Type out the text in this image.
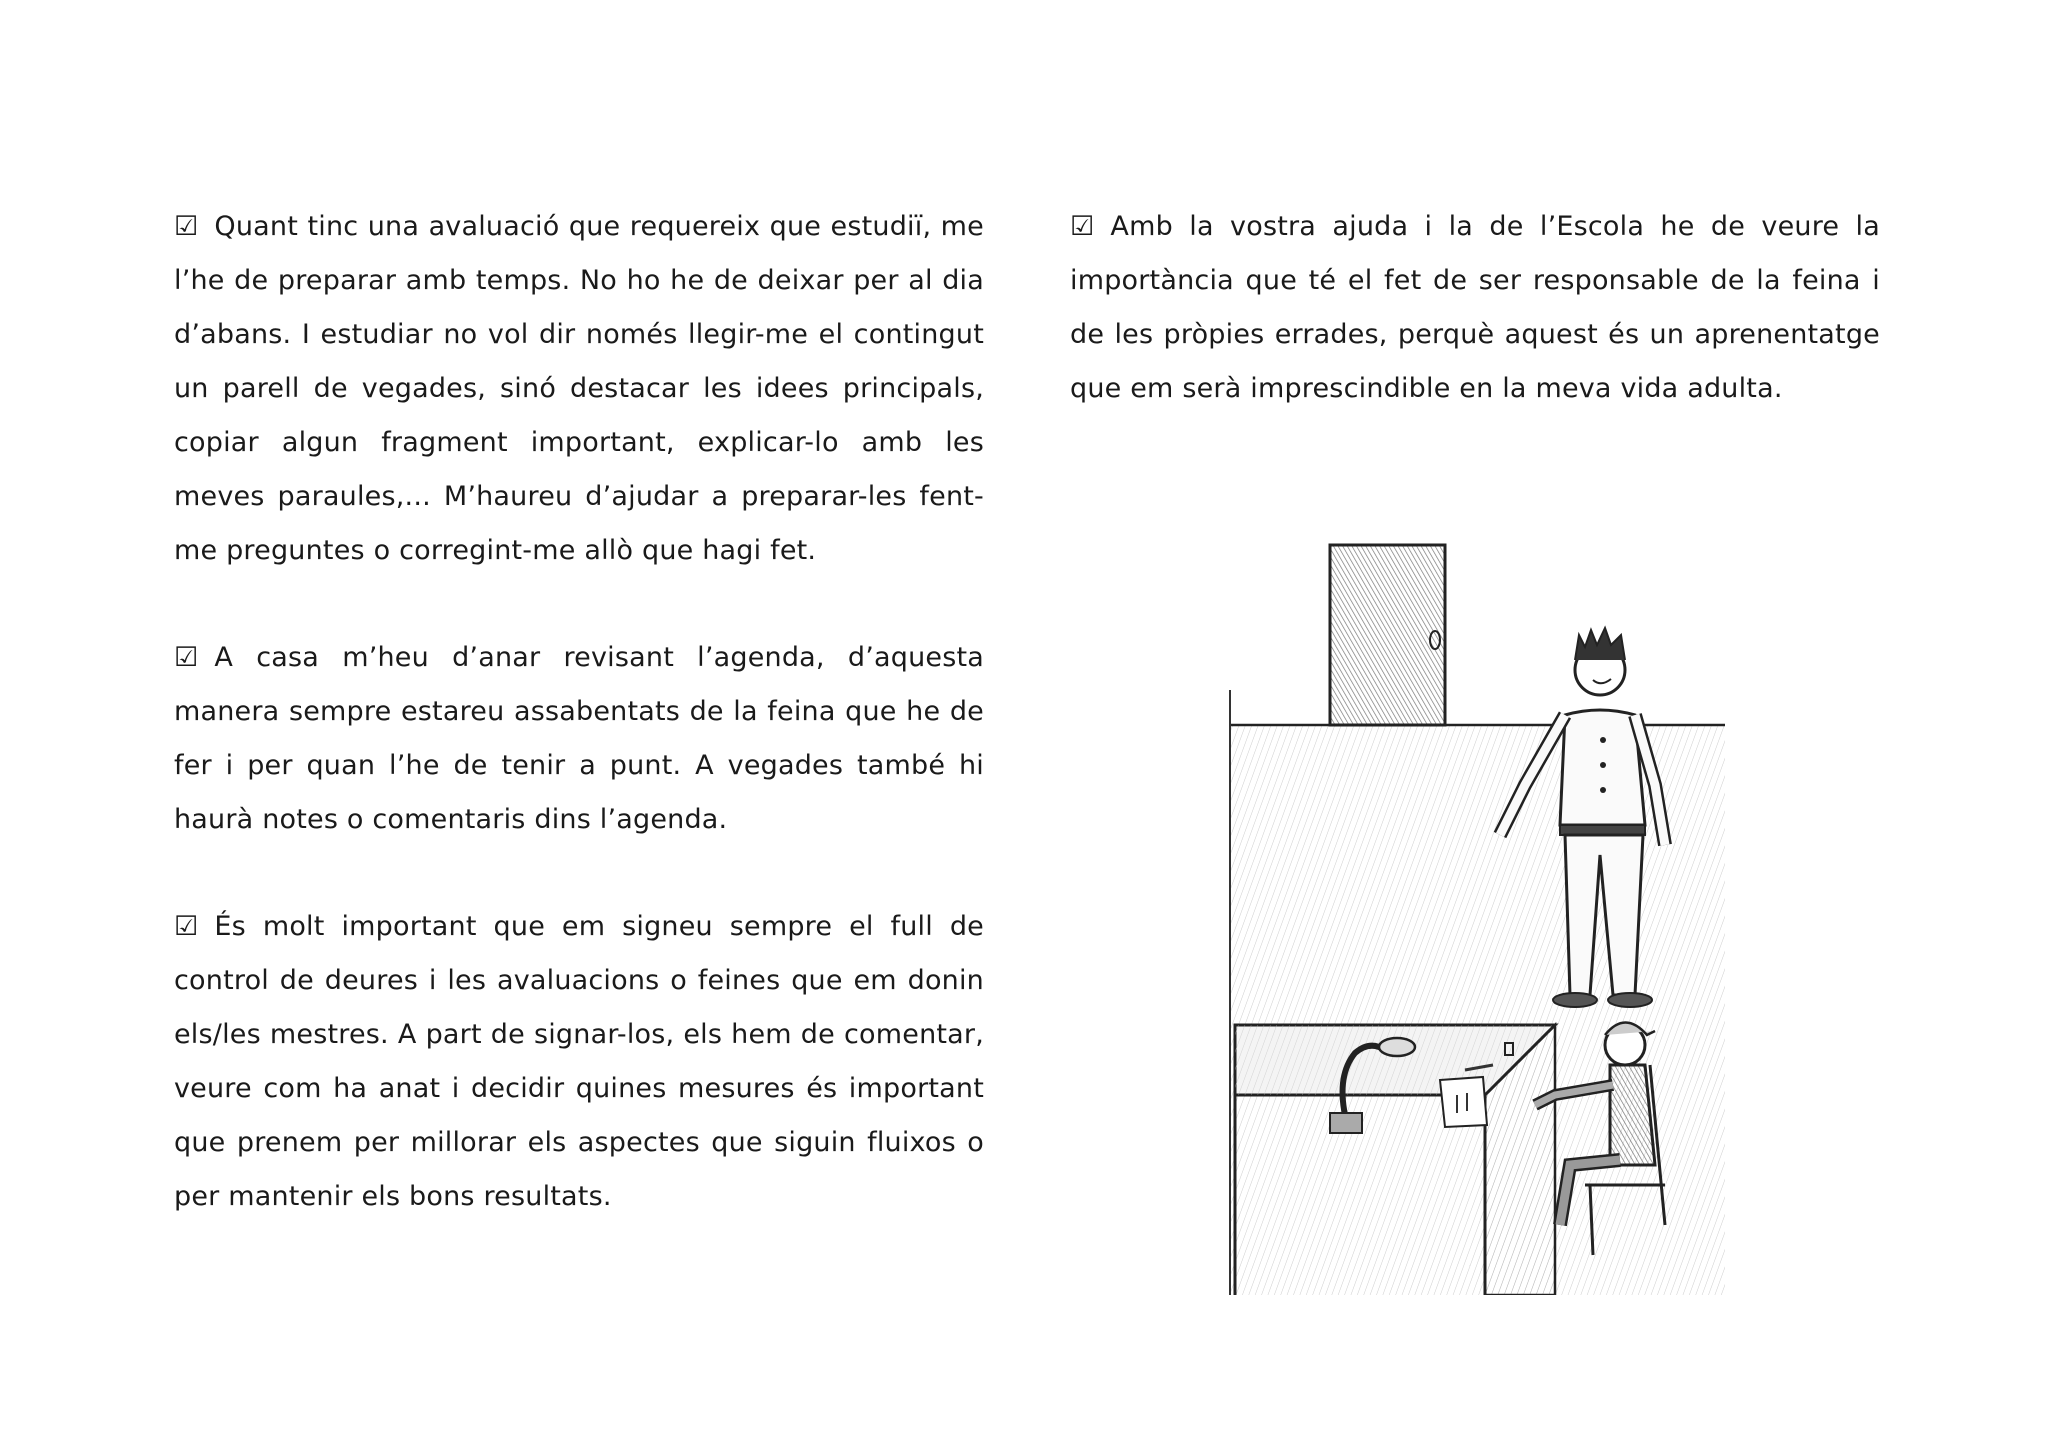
☑ Quant tinc una avaluació que requereix que estudiï, me l’he de preparar amb temps. No ho he de deixar per al dia d’abans. I estudiar no vol dir només llegir-me el contingut un parell de vegades, sinó destacar les idees principals, copiar algun fragment important, explicar-lo amb les meves paraules,... M’haureu d’ajudar a preparar-les fent-me preguntes o corregint-me allò que hagi fet.

☑ A casa m’heu d’anar revisant l’agenda, d’aquesta manera sempre estareu assabentats de la feina que he de fer i per quan l’he de tenir a punt. A vegades també hi haurà notes o comentaris dins l’agenda.

☑ És molt important que em signeu sempre el full de control de deures i les avaluacions o feines que em donin els/les mestres. A part de signar-los, els hem de comentar, veure com ha anat i decidir quines mesures és important que prenem per millorar els aspectes que siguin fluixos o per mantenir els bons resultats.

☑ Amb la vostra ajuda i la de l’Escola he de veure la importància que té el fet de ser responsable de la feina i de les pròpies errades, perquè aquest és un aprenentatge que em serà imprescindible en la meva vida adulta.
